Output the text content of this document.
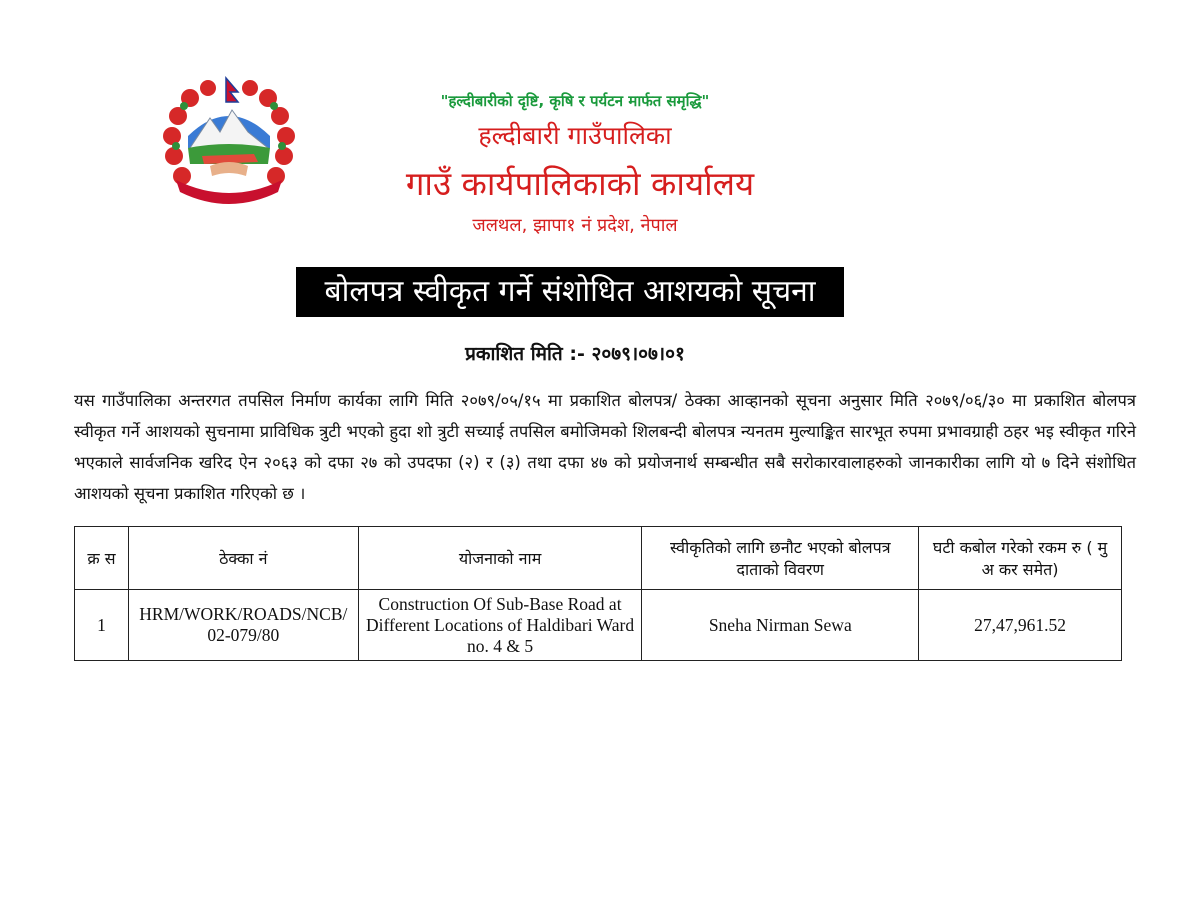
"हल्दीबारीको दृष्टि, कृषि र पर्यटन मार्फत समृद्धि"
हल्दीबारी गाउँपालिका
गाउँ कार्यपालिकाको कार्यालय
जलथल, झापा१ नं प्रदेश, नेपाल
बोलपत्र स्वीकृत गर्ने संशोधित आशयको सूचना
प्रकाशित मिति :- २०७९।०७।०१
यस गाउँपालिका अन्तरगत तपसिल निर्माण कार्यका लागि मिति २०७९/०५/१५ मा प्रकाशित बोलपत्र/ ठेक्का आव्हानको सूचना अनुसार मिति २०७९/०६/३० मा प्रकाशित बोलपत्र स्वीकृत गर्ने आशयको सुचनामा प्राविधिक त्रुटी भएको हुदा शो त्रुटी सच्याई तपसिल बमोजिमको शिलबन्दी बोलपत्र न्यनतम मुल्याङ्कित सारभूत रुपमा प्रभावग्राही ठहर भइ स्वीकृत गरिने भएकाले सार्वजनिक खरिद ऐन २०६३ को दफा २७ को उपदफा (२) र (३) तथा दफा ४७ को प्रयोजनार्थ सम्बन्धीत सबै सरोकारवालाहरुको जानकारीका लागि यो ७ दिने संशोधित आशयको सूचना प्रकाशित गरिएको छ ।
क्र स	ठेक्का नं	योजनाको नाम	स्वीकृतिको लागि छनौट भएको बोलपत्र दाताको विवरण	घटी कबोल गरेको रकम रु ( मु अ कर समेत)
1	HRM/WORK/ROADS/NCB/02-079/80	Construction Of Sub-Base Road at Different Locations of Haldibari Ward no. 4 & 5	Sneha Nirman Sewa	27,47,961.52
